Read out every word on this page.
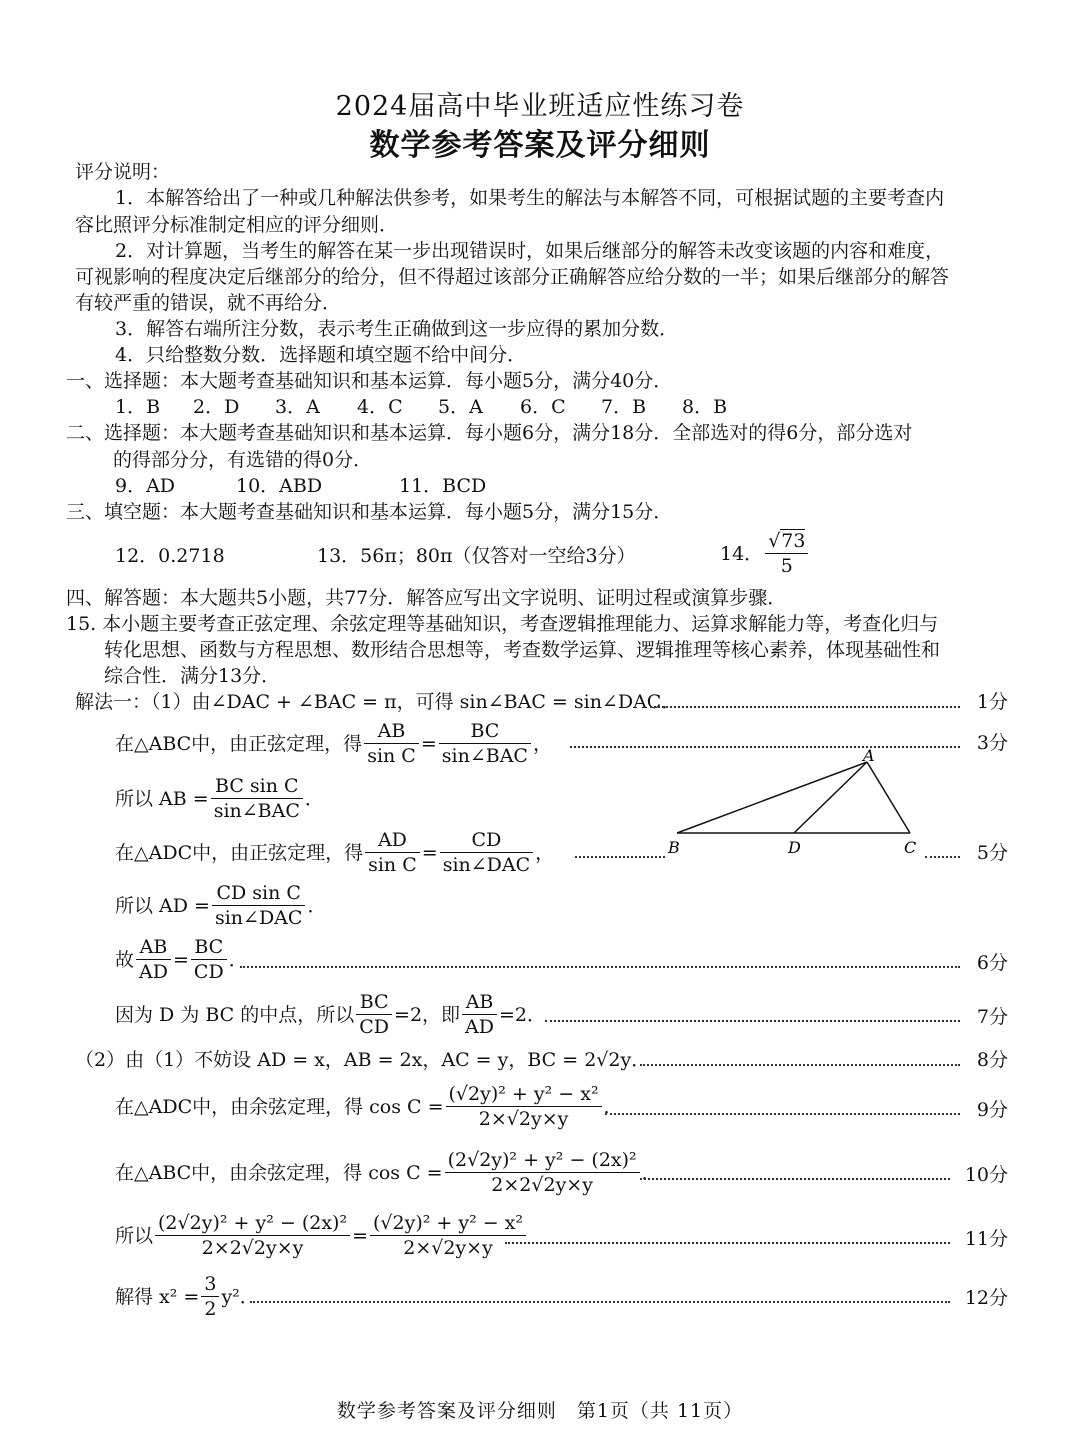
2024届高中毕业班适应性练习卷
数学参考答案及评分细则
评分说明：
1．本解答给出了一种或几种解法供参考，如果考生的解法与本解答不同，可根据试题的主要考查内
容比照评分标准制定相应的评分细则．
2．对计算题，当考生的解答在某一步出现错误时，如果后继部分的解答未改变该题的内容和难度，
可视影响的程度决定后继部分的给分，但不得超过该部分正确解答应给分数的一半；如果后继部分的解答
有较严重的错误，就不再给分．
3．解答右端所注分数，表示考生正确做到这一步应得的累加分数．
4．只给整数分数．选择题和填空题不给中间分．
一、选择题：本大题考查基础知识和基本运算．每小题5分，满分40分．
1．B 2．D 3．A 4．C 5．A 6．C 7．B 8．B
二、选择题：本大题考查基础知识和基本运算．每小题6分，满分18分．全部选对的得6分，部分选对
的得部分分，有选错的得0分．
9．AD	10．ABD	11．BCD
三、填空题：本大题考查基础知识和基本运算．每小题5分，满分15分．
12．0.2718	13．56π；80π（仅答对一空给3分）	14． $\frac{√73}{5}$
四、解答题：本大题共5小题，共77分．解答应写出文字说明、证明过程或演算步骤．
15. 本小题主要考查正弦定理、余弦定理等基础知识，考查逻辑推理能力、运算求解能力等，考查化归与
转化思想、函数与方程思想、数形结合思想等，考查数学运算、逻辑推理等核心素养，体现基础性和
综合性．满分13分．
解法一：（1）由∠DAC + ∠BAC = π，可得 sin∠BAC = sin∠DAC．	1分
在△ABC中，由正弦定理，得 $\frac{AB}{\text{sin C}} = \frac{BC}{\text{sin∠BAC}}$ ，	3分
所以 AB = $\frac{\text{BC sin C}}{\text{sin∠BAC}}$ ．
A
B	D	C
在△ADC中，由正弦定理，得 $\frac{AD}{\text{sin C}} = \frac{CD}{\text{sin∠DAC}}$ ，	5分
所以 AD = $\frac{\text{CD sin C}}{\text{sin∠DAC}}$ ．
故 $\frac{AB}{AD} = \frac{BC}{CD}$ ．	6分
因为 D 为 BC 的中点，所以 $\frac{BC}{CD} =2$，即 $\frac{AB}{AD} =2$．	7分
（2）由（1）不妨设 AD = x，AB = 2x，AC = y，BC = 2√2y．	8分
在△ADC中，由余弦定理，得 $\cos C = \frac{\text{(√2y)² + y² − x²}}{2\times√2y\times y}$ ．	9分
在△ABC中，由余弦定理，得 $\cos C = \frac{\text{(2√2y)² + y² − (2x)²}}{2\times 2√2y\times y}$ ．	10分
所以 $\frac{\text{(2√2y)² + y² − (2x)²}}{2\times 2√2y\times y} = \frac{\text{(√2y)² + y² − x²}}{2\times√2y\times y}$	11分
解得 $x^2 = \frac{3}{2} y^2$．	12分
数学参考答案及评分细则　第1页（共 11页）
